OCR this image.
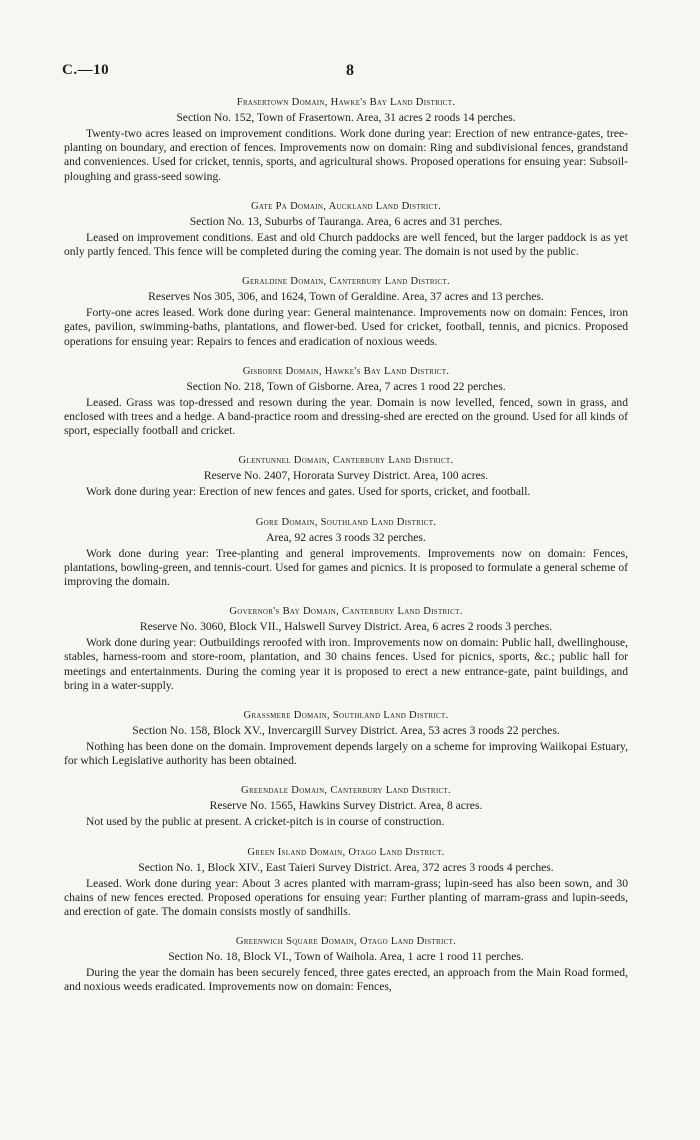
C.—10	8

Frasertown Domain, Hawke's Bay Land District.

Section No. 152, Town of Frasertown. Area, 31 acres 2 roods 14 perches.

Twenty-two acres leased on improvement conditions. Work done during year: Erection of new entrance-gates, tree-planting on boundary, and erection of fences. Improvements now on domain: Ring and subdivisional fences, grandstand and conveniences. Used for cricket, tennis, sports, and agricultural shows. Proposed operations for ensuing year: Subsoil-ploughing and grass-seed sowing.

Gate Pa Domain, Auckland Land District.

Section No. 13, Suburbs of Tauranga. Area, 6 acres and 31 perches.

Leased on improvement conditions. East and old Church paddocks are well fenced, but the larger paddock is as yet only partly fenced. This fence will be completed during the coming year. The domain is not used by the public.

Geraldine Domain, Canterbury Land District.

Reserves Nos 305, 306, and 1624, Town of Geraldine. Area, 37 acres and 13 perches.

Forty-one acres leased. Work done during year: General maintenance. Improvements now on domain: Fences, iron gates, pavilion, swimming-baths, plantations, and flower-bed. Used for cricket, football, tennis, and picnics. Proposed operations for ensuing year: Repairs to fences and eradication of noxious weeds.

Gisborne Domain, Hawke's Bay Land District.

Section No. 218, Town of Gisborne. Area, 7 acres 1 rood 22 perches.

Leased. Grass was top-dressed and resown during the year. Domain is now levelled, fenced, sown in grass, and enclosed with trees and a hedge. A band-practice room and dressing-shed are erected on the ground. Used for all kinds of sport, especially football and cricket.

Glentunnel Domain, Canterbury Land District.

Reserve No. 2407, Hororata Survey District. Area, 100 acres.

Work done during year: Erection of new fences and gates. Used for sports, cricket, and football.

Gore Domain, Southland Land District.

Area, 92 acres 3 roods 32 perches.

Work done during year: Tree-planting and general improvements. Improvements now on domain: Fences, plantations, bowling-green, and tennis-court. Used for games and picnics. It is proposed to formulate a general scheme of improving the domain.

Governor's Bay Domain, Canterbury Land District.

Reserve No. 3060, Block VII., Halswell Survey District. Area, 6 acres 2 roods 3 perches.

Work done during year: Outbuildings reroofed with iron. Improvements now on domain: Public hall, dwellinghouse, stables, harness-room and store-room, plantation, and 30 chains fences. Used for picnics, sports, &c.; public hall for meetings and entertainments. During the coming year it is proposed to erect a new entrance-gate, paint buildings, and bring in a water-supply.

Grassmere Domain, Southland Land District.

Section No. 158, Block XV., Invercargill Survey District. Area, 53 acres 3 roods 22 perches.

Nothing has been done on the domain. Improvement depends largely on a scheme for improving Waiikopai Estuary, for which Legislative authority has been obtained.

Greendale Domain, Canterbury Land District.

Reserve No. 1565, Hawkins Survey District. Area, 8 acres.

Not used by the public at present. A cricket-pitch is in course of construction.

Green Island Domain, Otago Land District.

Section No. 1, Block XIV., East Taieri Survey District. Area, 372 acres 3 roods 4 perches.

Leased. Work done during year: About 3 acres planted with marram-grass; lupin-seed has also been sown, and 30 chains of new fences erected. Proposed operations for ensuing year: Further planting of marram-grass and lupin-seeds, and erection of gate. The domain consists mostly of sandhills.

Greenwich Square Domain, Otago Land District.

Section No. 18, Block VI., Town of Waihola. Area, 1 acre 1 rood 11 perches.

During the year the domain has been securely fenced, three gates erected, an approach from the Main Road formed, and noxious weeds eradicated. Improvements now on domain: Fences,
